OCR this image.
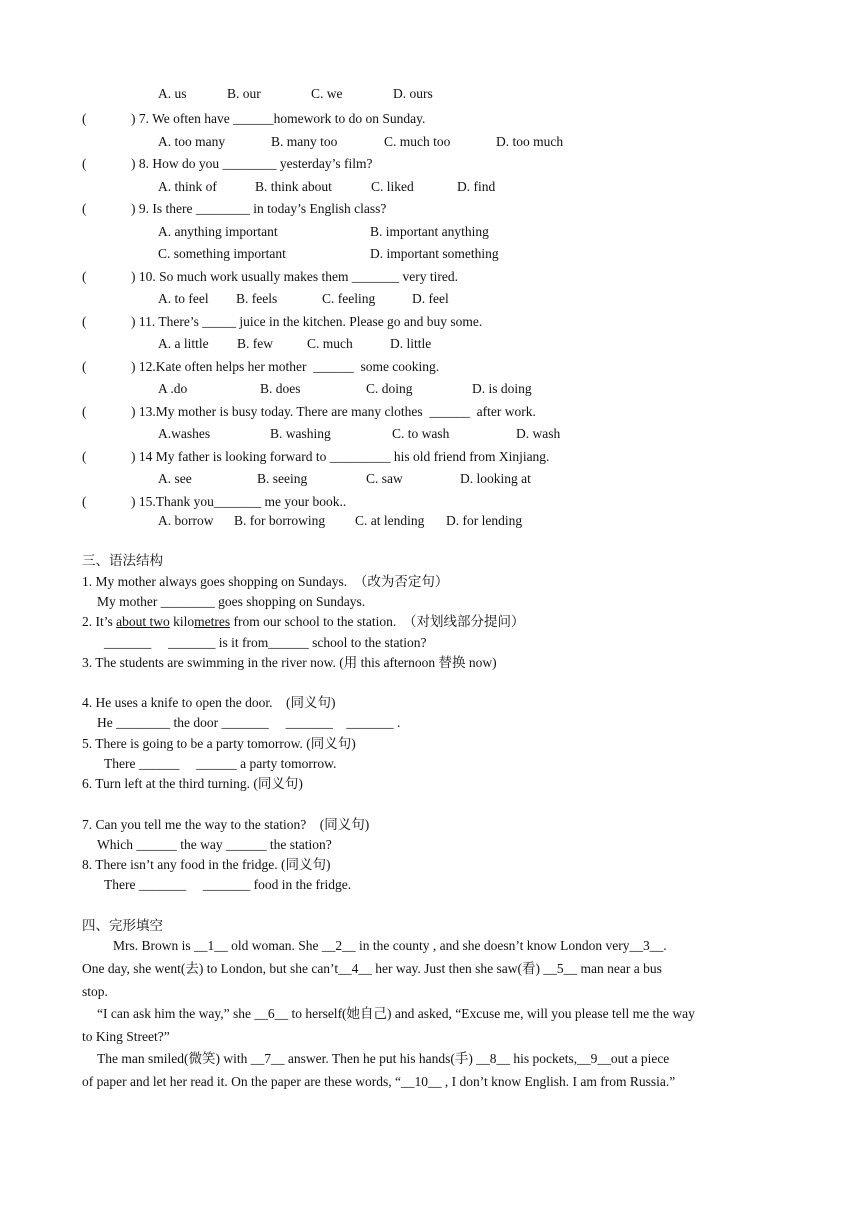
A. us	B. our	C. we	D. ours
(	) 7. We often have ______homework to do on Sunday.
A. too many	B. many too	C. much too	D. too much
(	) 8. How do you ________ yesterday’s film?
A. think of	B. think about	C. liked	D. find
(	) 9. Is there ________ in today’s English class?
A. anything important	B. important anything
C. something important	D. important something
(	) 10. So much work usually makes them _______ very tired.
A. to feel B. feels	C. feeling	D. feel
(	) 11. There’s _____ juice in the kitchen. Please go and buy some.
A. a little B. few	C. much	D. little
(	) 12.Kate often helps her mother  ______  some cooking.
A .do	B. does	C. doing	D. is doing
(	) 13.My mother is busy today. There are many clothes  ______  after work.
A.washes	B. washing	C. to wash	D. wash
(	) 14 My father is looking forward to _________ his old friend from Xinjiang.
A. see	B. seeing	C. saw	D. looking at
(	) 15.Thank you_______ me your book..
A. borrow B. for borrowing C. at lending D. for lending
三、语法结构
1. My mother always goes shopping on Sundays.  （改为否定句）
My mother ________ goes shopping on Sundays.
2. It’s about two kilometres from our school to the station.  （对划线部分提问）
_______     _______ is it from______ school to the station?
3. The students are swimming in the river now. (用 this afternoon 替换 now)
4. He uses a knife to open the door.    (同义句)
He ________ the door _______     _______    _______ .
5. There is going to be a party tomorrow. (同义句)
There ______     ______ a party tomorrow.
6. Turn left at the third turning. (同义句)
7. Can you tell me the way to the station?    (同义句)
Which ______ the way ______ the station?
8. There isn’t any food in the fridge. (同义句)
There _______     _______ food in the fridge.
四、完形填空
Mrs. Brown is __1__ old woman. She __2__ in the county , and she doesn’t know London very__3__.
One day, she went(去) to London, but she can’t__4__ her way. Just then she saw(看) __5__ man near a bus
stop.
“I can ask him the way,” she __6__ to herself(她自己) and asked, “Excuse me, will you please tell me the way
to King Street?”
The man smiled(微笑) with __7__ answer. Then he put his hands(手) __8__ his pockets,__9__out a piece
of paper and let her read it. On the paper are these words, “__10__ , I don’t know English. I am from Russia.”
